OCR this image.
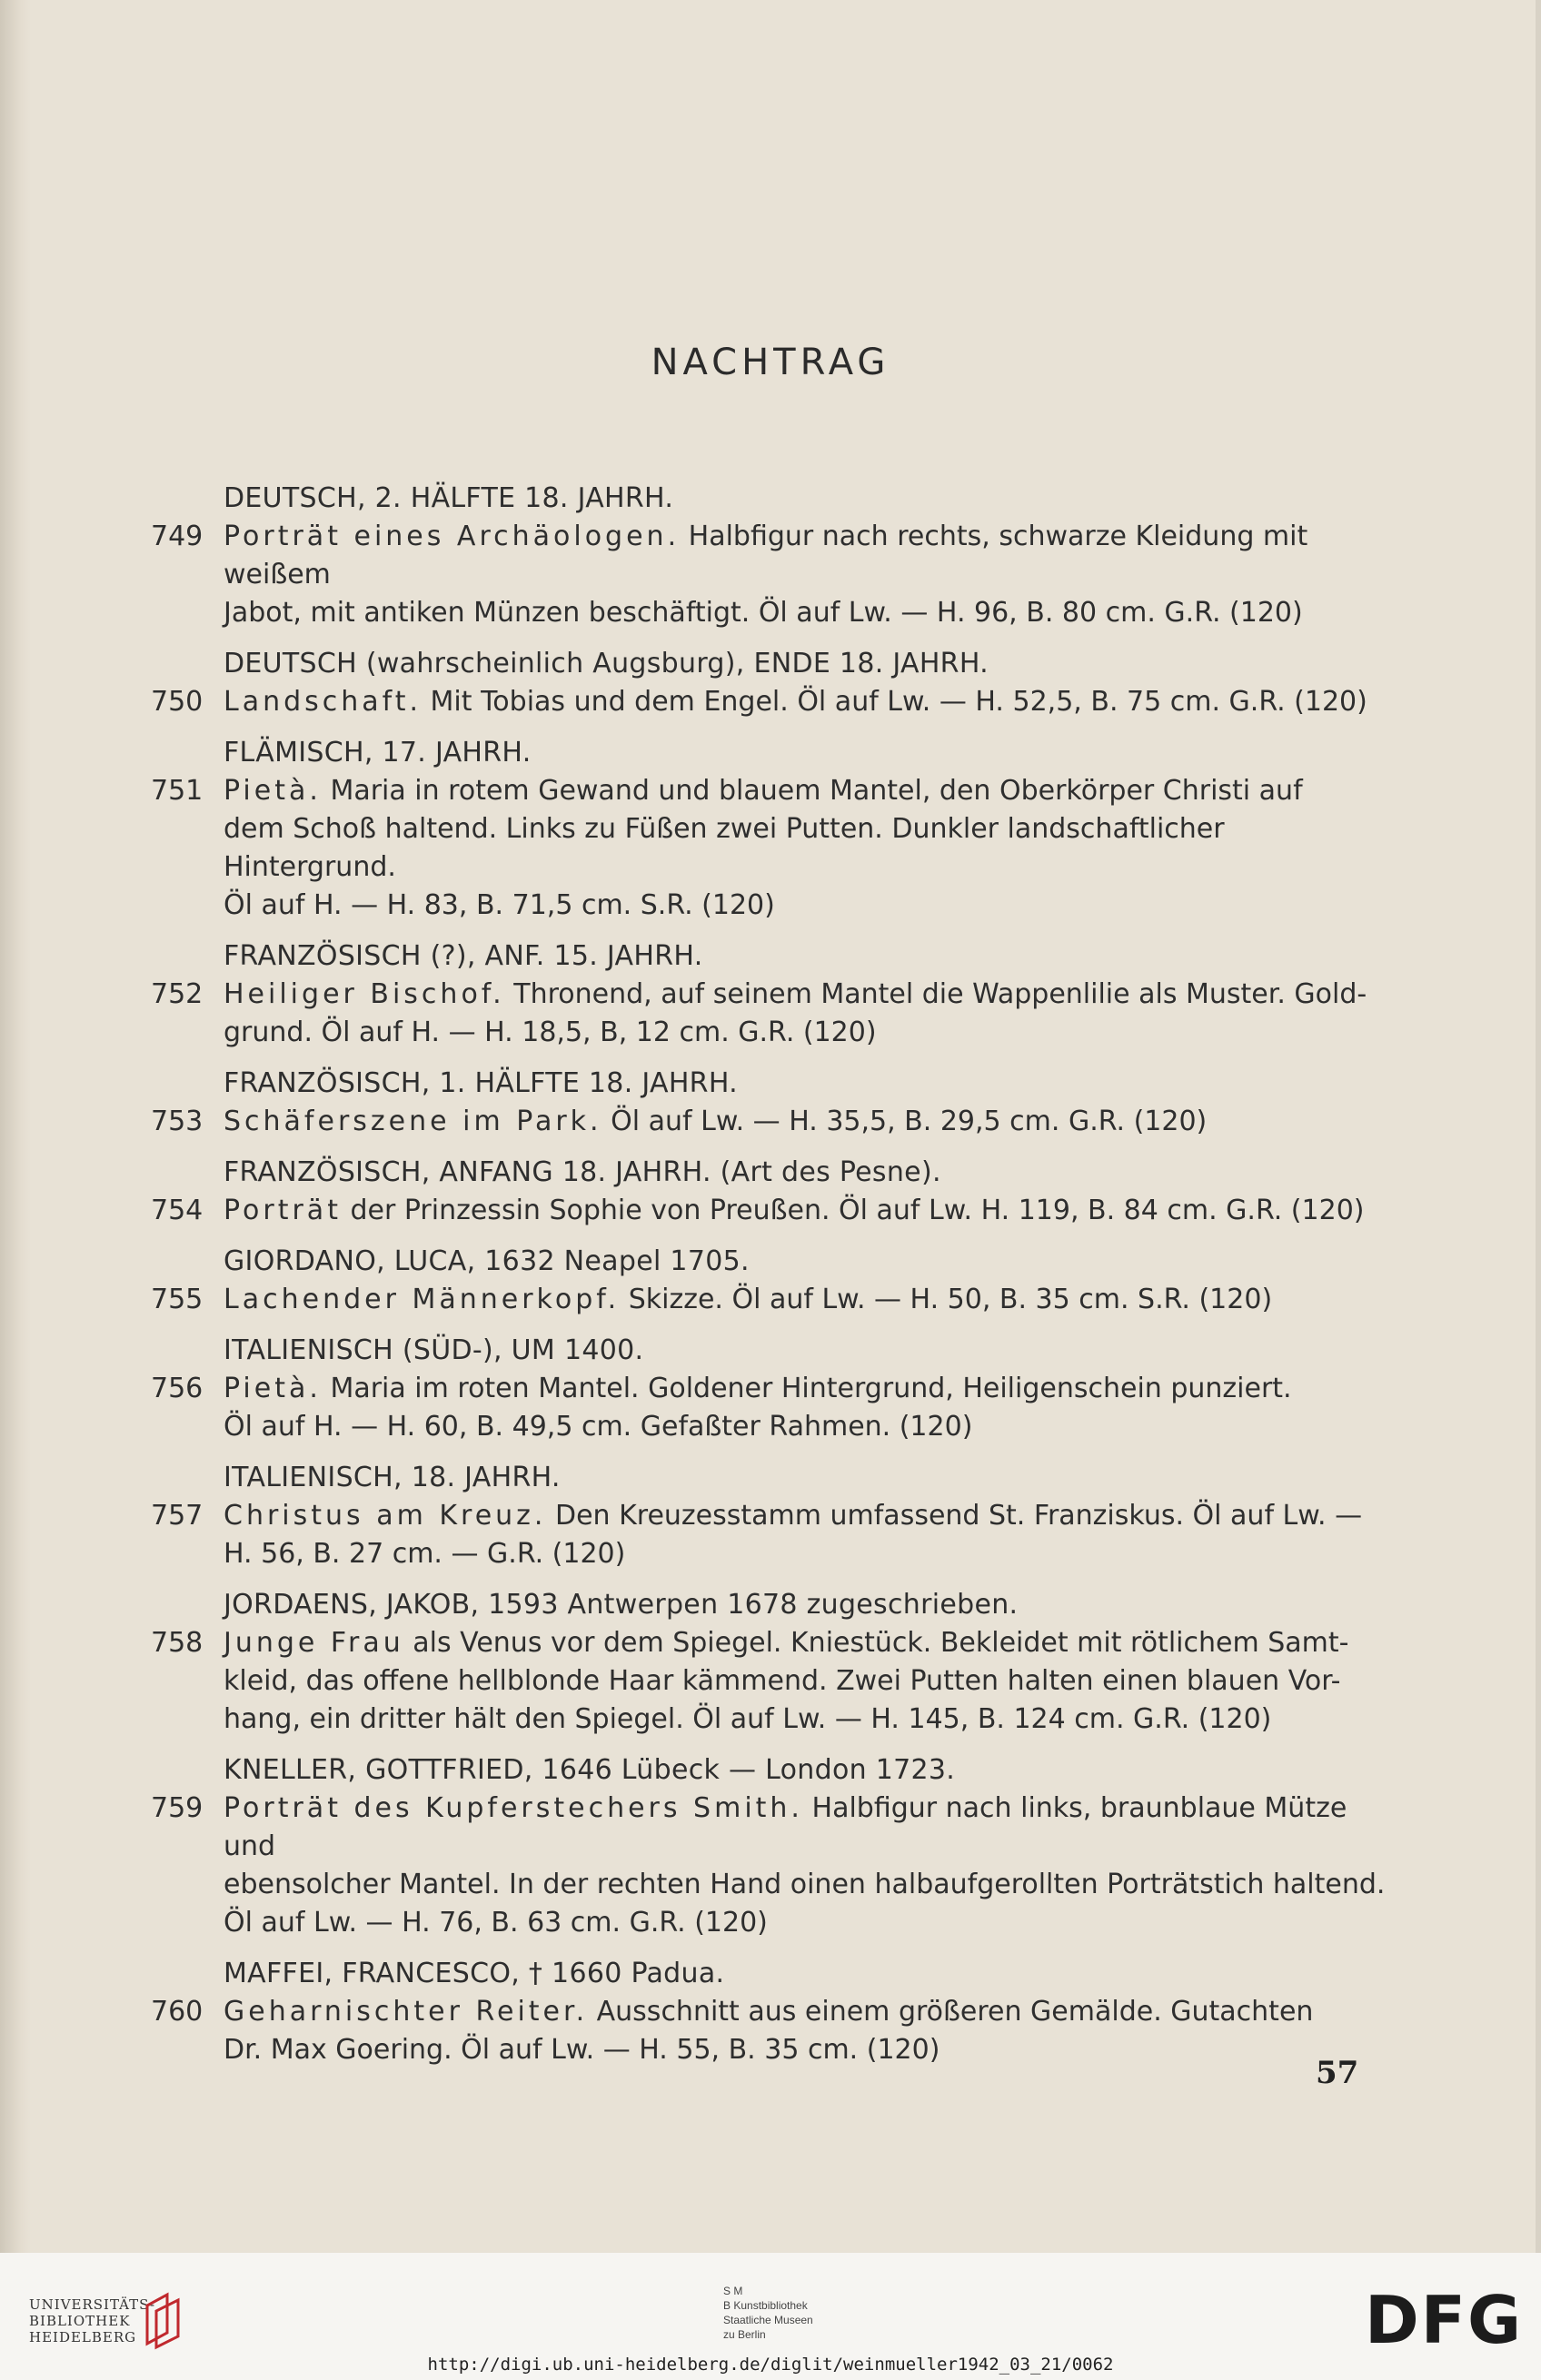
NACHTRAG
DEUTSCH, 2. HÄLFTE 18. JAHRH.
749 Porträt eines Archäologen. Halbfigur nach rechts, schwarze Kleidung mit weißem
Jabot, mit antiken Münzen beschäftigt. Öl auf Lw. — H. 96, B. 80 cm. G.R. (120)
DEUTSCH (wahrscheinlich Augsburg), ENDE 18. JAHRH.
750 Landschaft. Mit Tobias und dem Engel. Öl auf Lw. — H. 52,5, B. 75 cm. G.R. (120)
FLÄMISCH, 17. JAHRH.
751 Pietà. Maria in rotem Gewand und blauem Mantel, den Oberkörper Christi auf
dem Schoß haltend. Links zu Füßen zwei Putten. Dunkler landschaftlicher Hintergrund.
Öl auf H. — H. 83, B. 71,5 cm. S.R. (120)
FRANZÖSISCH (?), ANF. 15. JAHRH.
752 Heiliger Bischof. Thronend, auf seinem Mantel die Wappenlilie als Muster. Gold-
grund. Öl auf H. — H. 18,5, B, 12 cm. G.R. (120)
FRANZÖSISCH, 1. HÄLFTE 18. JAHRH.
753 Schäferszene im Park. Öl auf Lw. — H. 35,5, B. 29,5 cm. G.R. (120)
FRANZÖSISCH, ANFANG 18. JAHRH. (Art des Pesne).
754 Porträt der Prinzessin Sophie von Preußen. Öl auf Lw. H. 119, B. 84 cm. G.R. (120)
GIORDANO, LUCA, 1632 Neapel 1705.
755 Lachender Männerkopf. Skizze. Öl auf Lw. — H. 50, B. 35 cm. S.R. (120)
ITALIENISCH (SÜD-), UM 1400.
756 Pietà. Maria im roten Mantel. Goldener Hintergrund, Heiligenschein punziert.
Öl auf H. — H. 60, B. 49,5 cm. Gefaßter Rahmen. (120)
ITALIENISCH, 18. JAHRH.
757 Christus am Kreuz. Den Kreuzesstamm umfassend St. Franziskus. Öl auf Lw. —
H. 56, B. 27 cm. — G.R. (120)
JORDAENS, JAKOB, 1593 Antwerpen 1678 zugeschrieben.
758 Junge Frau als Venus vor dem Spiegel. Kniestück. Bekleidet mit rötlichem Samt-
kleid, das offene hellblonde Haar kämmend. Zwei Putten halten einen blauen Vor-
hang, ein dritter hält den Spiegel. Öl auf Lw. — H. 145, B. 124 cm. G.R. (120)
KNELLER, GOTTFRIED, 1646 Lübeck — London 1723.
759 Porträt des Kupferstechers Smith. Halbfigur nach links, braunblaue Mütze und
ebensolcher Mantel. In der rechten Hand oinen halbaufgerollten Porträtstich haltend.
Öl auf Lw. — H. 76, B. 63 cm. G.R. (120)
MAFFEI, FRANCESCO, † 1660 Padua.
760 Geharnischter Reiter. Ausschnitt aus einem größeren Gemälde. Gutachten
Dr. Max Goering. Öl auf Lw. — H. 55, B. 35 cm. (120)
57
UNIVERSITÄTS-
BIBLIOTHEK
HEIDELBERG
S M
B Kunstbibliothek
Staatliche Museen
zu Berlin	DFG
http://digi.ub.uni-heidelberg.de/diglit/weinmueller1942_03_21/0062
